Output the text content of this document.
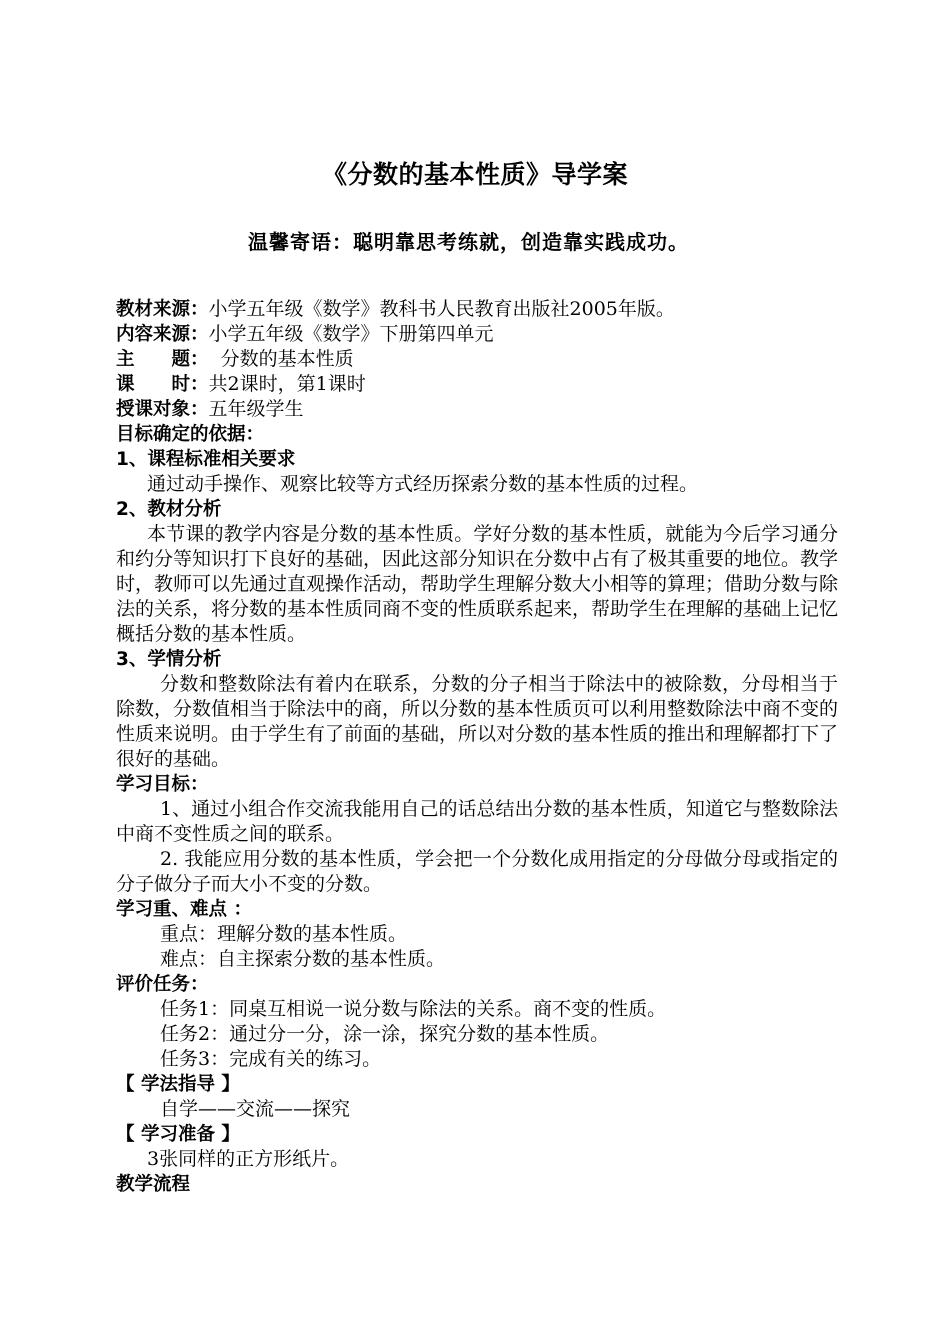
《分数的基本性质》导学案
温馨寄语：聪明靠思考练就，创造靠实践成功。
教材来源：小学五年级《数学》教科书人民教育出版社2005年版。
内容来源：小学五年级《数学》下册第四单元
主　　题：  分数的基本性质
课　　时：共2课时，第1课时
授课对象：五年级学生
目标确定的依据：
1、课程标准相关要求
通过动手操作、观察比较等方式经历探索分数的基本性质的过程。
2、教材分析
本节课的教学内容是分数的基本性质。学好分数的基本性质，就能为今后学习通分和约分等知识打下良好的基础，因此这部分知识在分数中占有了极其重要的地位。教学时，教师可以先通过直观操作活动，帮助学生理解分数大小相等的算理；借助分数与除法的关系，将分数的基本性质同商不变的性质联系起来，帮助学生在理解的基础上记忆概括分数的基本性质。
3、学情分析
分数和整数除法有着内在联系，分数的分子相当于除法中的被除数，分母相当于除数，分数值相当于除法中的商，所以分数的基本性质页可以利用整数除法中商不变的性质来说明。由于学生有了前面的基础，所以对分数的基本性质的推出和理解都打下了很好的基础。
学习目标：
1、通过小组合作交流我能用自己的话总结出分数的基本性质，知道它与整数除法中商不变性质之间的联系。
2. 我能应用分数的基本性质，学会把一个分数化成用指定的分母做分母或指定的分子做分子而大小不变的分数。
学习重、难点 ：
重点：理解分数的基本性质。
难点：自主探索分数的基本性质。
评价任务：
任务1：同桌互相说一说分数与除法的关系。商不变的性质。
任务2：通过分一分，涂一涂，探究分数的基本性质。
任务3：完成有关的练习。
【 学法指导 】
自学——交流——探究
【 学习准备 】
3张同样的正方形纸片。
教学流程
